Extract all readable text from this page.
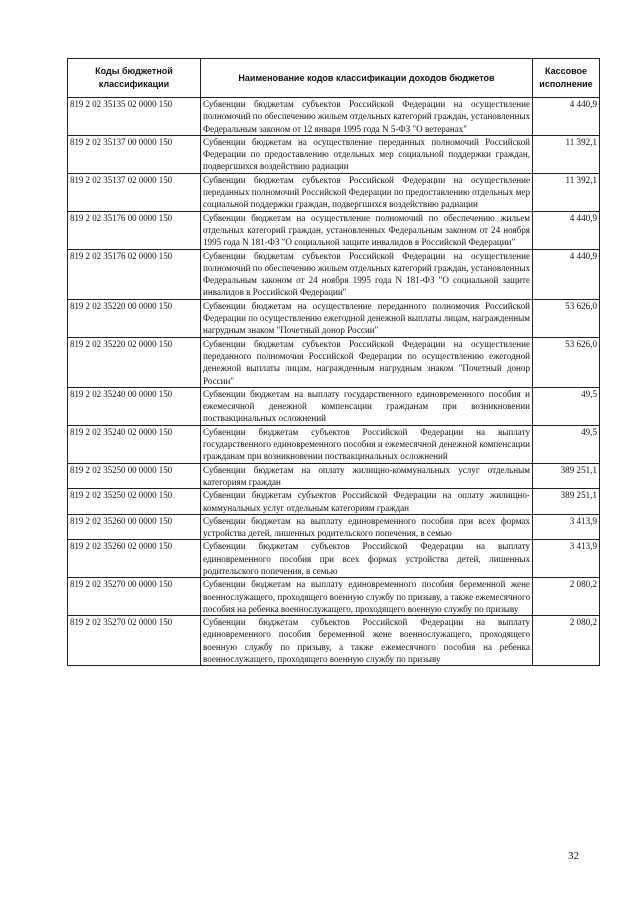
Коды бюджетной классификации	Наименование кодов классификации доходов бюджетов	Кассовое исполнение
819 2 02 35135 02 0000 150	Субвенции бюджетам субъектов Российской Федерации на осуществление полномочий по обеспечению жильем отдельных категорий граждан, установленных Федеральным законом от 12 января 1995 года N 5-ФЗ "О ветеранах"	4 440,9
819 2 02 35137 00 0000 150	Субвенции бюджетам на осуществление переданных полномочий Российской Федерации по предоставлению отдельных мер социальной поддержки граждан, подвергшихся воздействию радиации	11 392,1
819 2 02 35137 02 0000 150	Субвенции бюджетам субъектов Российской Федерации на осуществление переданных полномочий Российской Федерации по предоставлению отдельных мер социальной поддержки граждан, подвергшихся воздействию радиации	11 392,1
819 2 02 35176 00 0000 150	Субвенции бюджетам на осуществление полномочий по обеспечению жильем отдельных категорий граждан, установленных Федеральным законом от 24 ноября 1995 года N 181-ФЗ "О социальной защите инвалидов в Российской Федерации"	4 440,9
819 2 02 35176 02 0000 150	Субвенции бюджетам субъектов Российской Федерации на осуществление полномочий по обеспечению жильем отдельных категорий граждан, установленных Федеральным законом от 24 ноября 1995 года N 181-ФЗ "О социальной защите инвалидов в Российской Федерации"	4 440,9
819 2 02 35220 00 0000 150	Субвенции бюджетам на осуществление переданного полномочия Российской Федерации по осуществлению ежегодной денежной выплаты лицам, награжденным нагрудным знаком "Почетный донор России"	53 626,0
819 2 02 35220 02 0000 150	Субвенции бюджетам субъектов Российской Федерации на осуществление переданного полномочия Российской Федерации по осуществлению ежегодной денежной выплаты лицам, награжденным нагрудным знаком "Почетный донор России"	53 626,0
819 2 02 35240 00 0000 150	Субвенции бюджетам на выплату государственного единовременного пособия и ежемесячной денежной компенсации гражданам при возникновении поствакцинальных осложнений	49,5
819 2 02 35240 02 0000 150	Субвенции бюджетам субъектов Российской Федерации на выплату государственного единовременного пособия и ежемесячной денежной компенсации гражданам при возникновении поствакцинальных осложнений	49,5
819 2 02 35250 00 0000 150	Субвенции бюджетам на оплату жилищно-коммунальных услуг отдельным категориям граждан	389 251,1
819 2 02 35250 02 0000 150	Субвенции бюджетам субъектов Российской Федерации на оплату жилищно-коммунальных услуг отдельным категориям граждан	389 251,1
819 2 02 35260 00 0000 150	Субвенции бюджетам на выплату единовременного пособия при всех формах устройства детей, лишенных родительского попечения, в семью	3 413,9
819 2 02 35260 02 0000 150	Субвенции бюджетам субъектов Российской Федерации на выплату единовременного пособия при всех формах устройства детей, лишенных родительского попечения, в семью	3 413,9
819 2 02 35270 00 0000 150	Субвенции бюджетам на выплату единовременного пособия беременной жене военнослужащего, проходящего военную службу по призыву, а также ежемесячного пособия на ребенка военнослужащего, проходящего военную службу по призыву	2 080,2
819 2 02 35270 02 0000 150	Субвенции бюджетам субъектов Российской Федерации на выплату единовременного пособия беременной жене военнослужащего, проходящего военную службу по призыву, а также ежемесячного пособия на ребенка военнослужащего, проходящего военную службу по призыву	2 080,2
32
